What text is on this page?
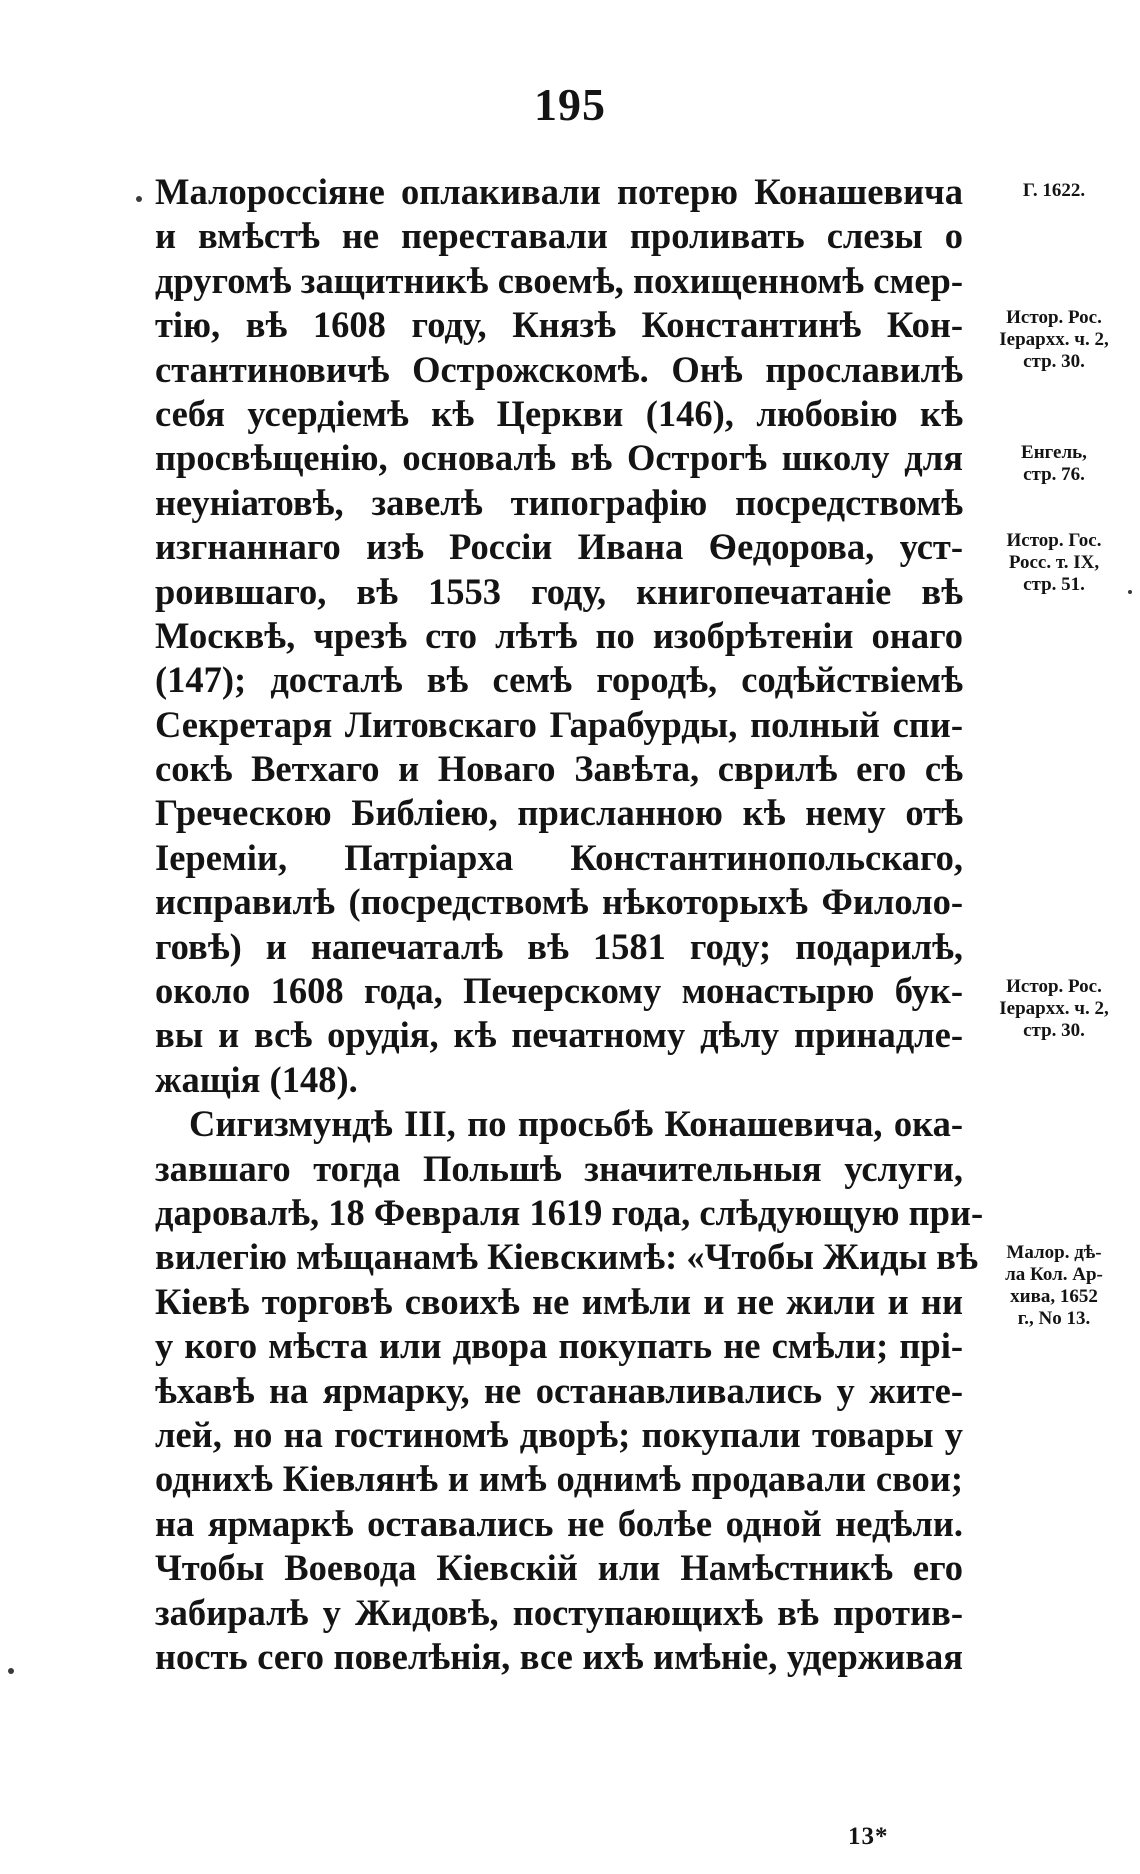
195
Малороссіяне оплакивали потерю Конашевича
и вмѣстѣ не переставали проливать слезы о
другомѣ защитникѣ своемѣ, похищенномѣ смер-
тію, вѣ 1608 году, Князѣ Константинѣ Кон-
стантиновичѣ Острожскомѣ. Онѣ прославилѣ
себя усердіемѣ кѣ Церкви (146), любовію кѣ
просвѣщенію, основалѣ вѣ Острогѣ школу для
неуніатовѣ, завелѣ типографію посредствомѣ
изгнаннаго изѣ Россіи Ивана Ѳедорова, уст-
роившаго, вѣ 1553 году, книгопечатаніе вѣ
Москвѣ, чрезѣ сто лѣтѣ по изобрѣтеніи онаго
(147); досталѣ вѣ семѣ городѣ, содѣйствіемѣ
Секретаря Литовскаго Гарабурды, полный спи-
сокѣ Ветхаго и Новаго Завѣта, сврилѣ его сѣ
Греческою Библіею, присланною кѣ нему отѣ
Іереміи, Патріарха Константинопольскаго,
исправилѣ (посредствомѣ нѣкоторыхѣ Филоло-
говѣ) и напечаталѣ вѣ 1581 году; подарилѣ,
около 1608 года, Печерскому монастырю бук-
вы и всѣ орудія, кѣ печатному дѣлу принадле-
жащія (148).
Сигизмундѣ III, по просьбѣ Конашевича, ока-
завшаго тогда Польшѣ значительныя услуги,
даровалѣ, 18 Февраля 1619 года, слѣдующую при-
вилегію мѣщанамѣ Кіевскимѣ: «Чтобы Жиды вѣ
Кіевѣ торговѣ своихѣ не имѣли и не жили и ни
у кого мѣста или двора покупать не смѣли; прі-
ѣхавѣ на ярмарку, не останавливались у жите-
лей, но на гостиномѣ дворѣ; покупали товары у
однихѣ Кіевлянѣ и имѣ однимѣ продавали свои;
на ярмаркѣ оставались не болѣе одной недѣли.
Чтобы Воевода Кіевскій или Намѣстникѣ его
забиралѣ у Жидовѣ, поступающихѣ вѣ против-
ность сего повелѣнія, все ихѣ имѣніе, удерживая
Г. 1622.
Истор. Рос.
Іерархх. ч. 2,
стр. 30.
Енгель,
стр. 76.
Истор. Гос.
Росс. т. IX,
стр. 51.
Истор. Рос.
Іерархх. ч. 2,
стр. 30.
Малор. дѣ-
ла Кол. Ар-
хива, 1652
г., No 13.
13*
